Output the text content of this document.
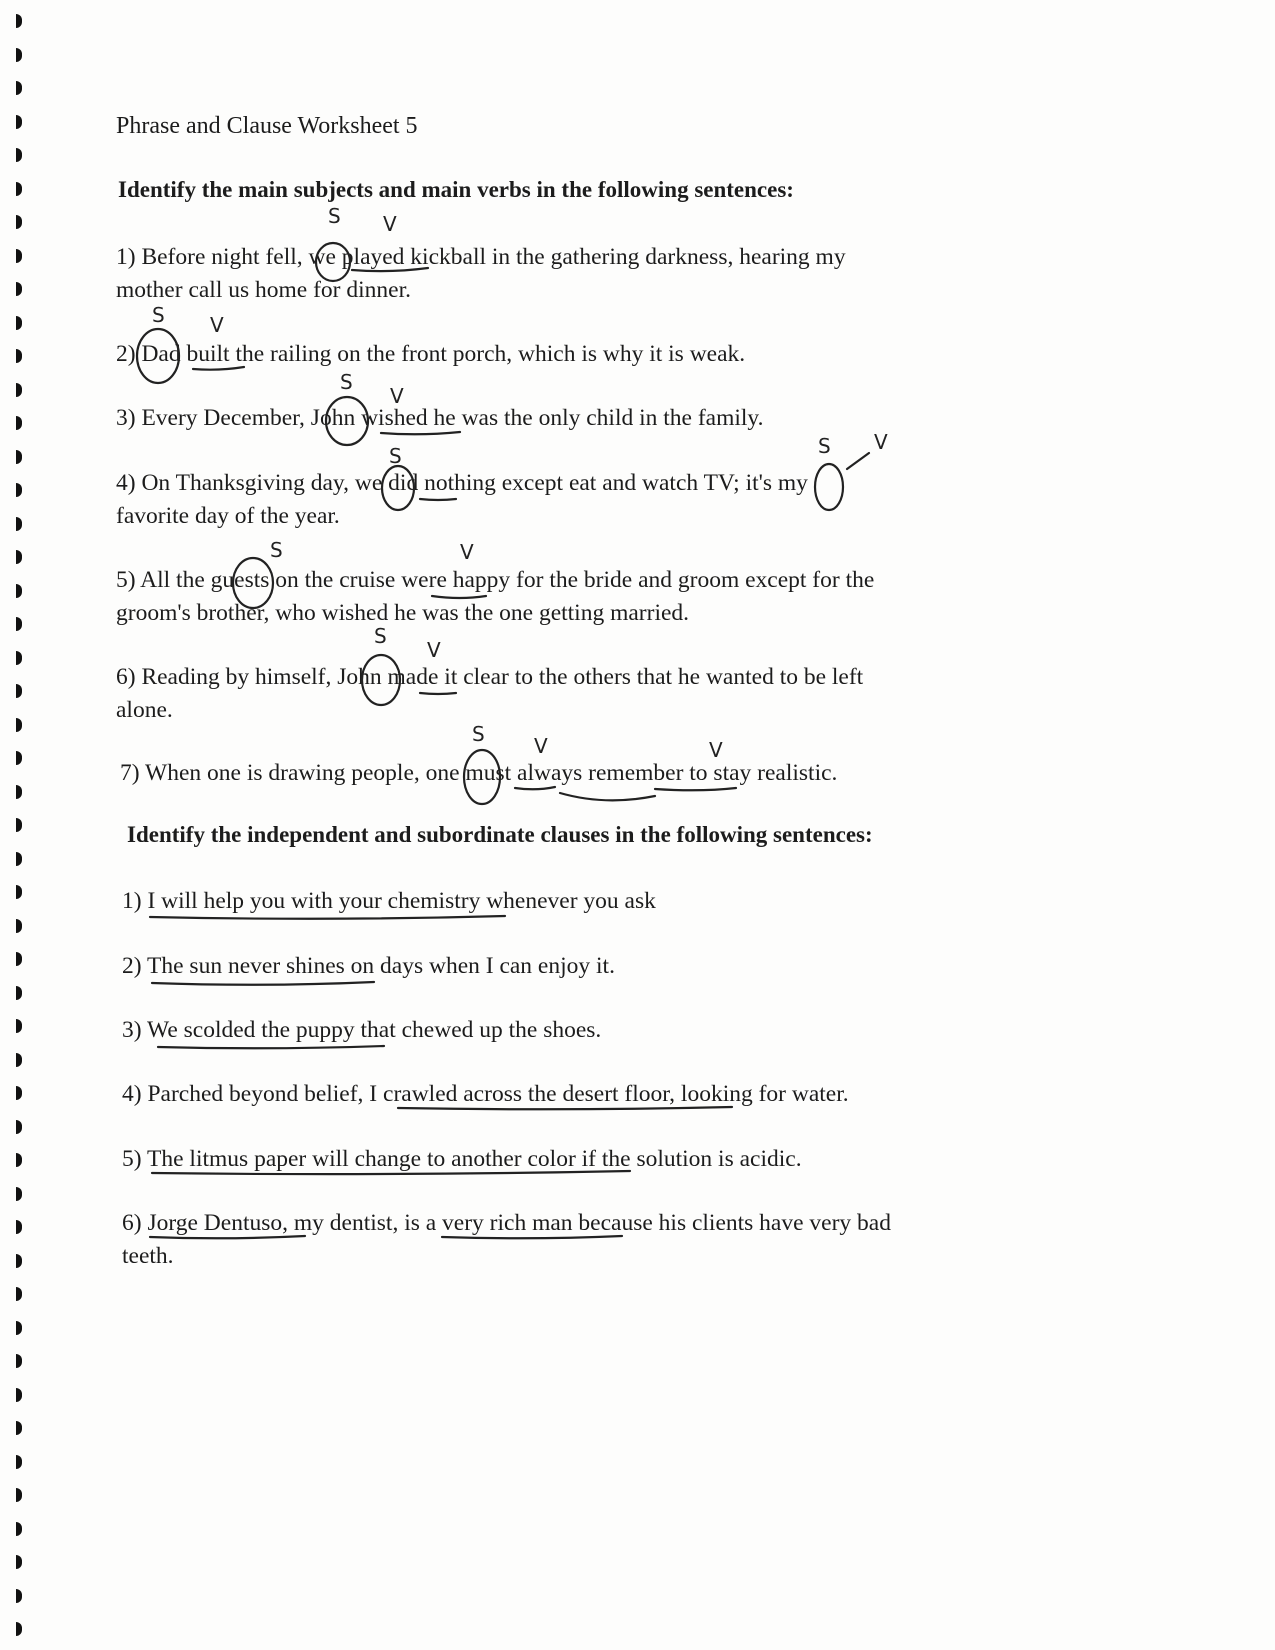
Phrase and Clause Worksheet 5
Identify the main subjects and main verbs in the following sentences:
1) Before night fell, we played kickball in the gathering darkness, hearing my
mother call us home for dinner.
2) Dad built the railing on the front porch, which is why it is weak.
3) Every December, John wished he was the only child in the family.
4) On Thanksgiving day, we did nothing except eat and watch TV; it's my
favorite day of the year.
5) All the guests on the cruise were happy for the bride and groom except for the
groom's brother, who wished he was the one getting married.
6) Reading by himself, John made it clear to the others that he wanted to be left
alone.
7) When one is drawing people, one must always remember to stay realistic.
Identify the independent and subordinate clauses in the following sentences:
1) I will help you with your chemistry whenever you ask
2) The sun never shines on days when I can enjoy it.
3) We scolded the puppy that chewed up the shoes.
4) Parched beyond belief, I crawled across the desert floor, looking for water.
5) The litmus paper will change to another color if the solution is acidic.
6) Jorge Dentuso, my dentist, is a very rich man because his clients have very bad
teeth.
S V
S V
S
V
S	S V
S	V
S
V
S V	V
